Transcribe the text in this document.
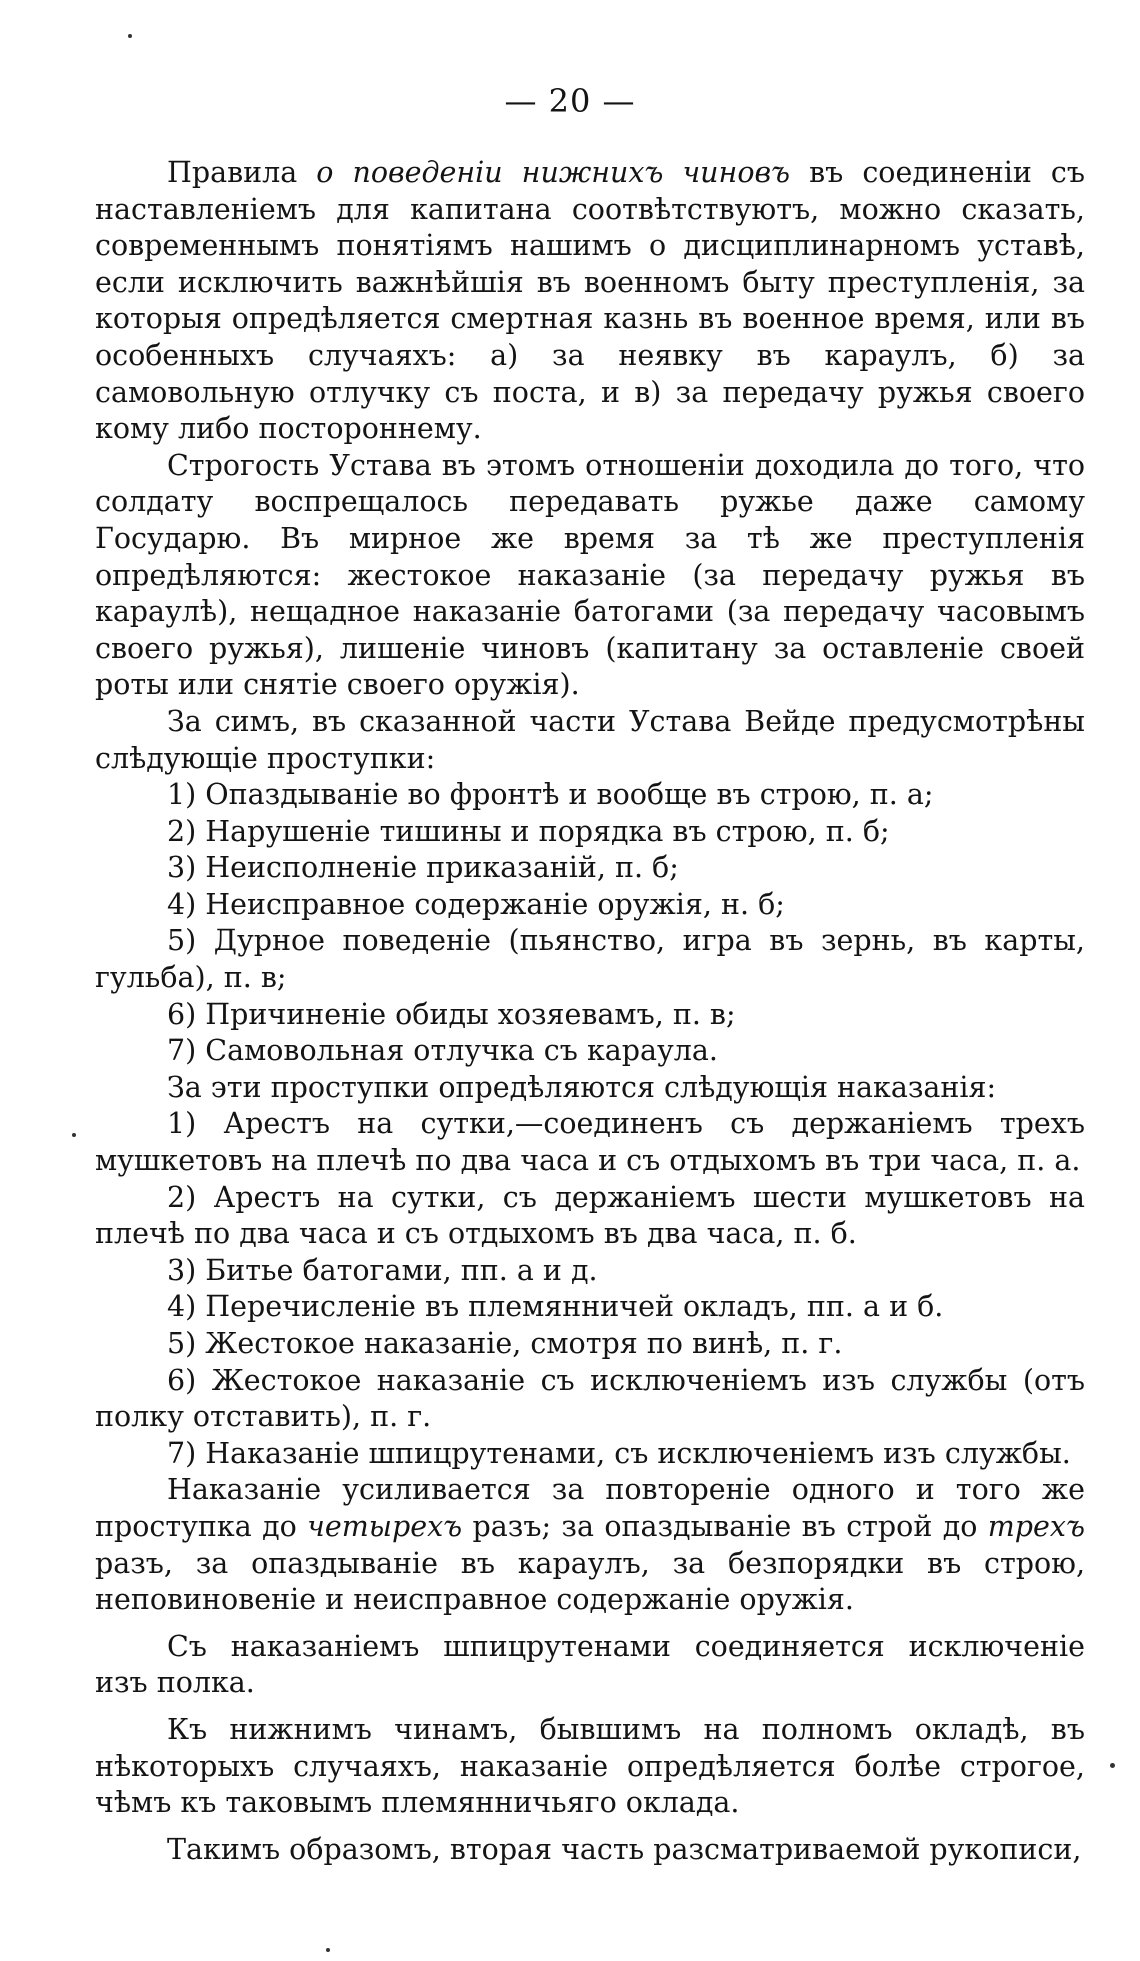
— 20 —

Правила о поведеніи нижнихъ чиновъ въ соединеніи съ наставленіемъ для капитана соотвѣтствуютъ, можно сказать, современнымъ понятіямъ нашимъ о дисциплинарномъ уставѣ, если исключить важнѣйшія въ военномъ быту преступленія, за которыя опредѣляется смертная казнь въ военное время, или въ особенныхъ случаяхъ: а) за неявку въ караулъ, б) за самовольную отлучку съ поста, и в) за передачу ружья своего кому либо постороннему.

Строгость Устава въ этомъ отношеніи доходила до того, что солдату воспрещалось передавать ружье даже самому Государю. Въ мирное же время за тѣ же преступленія опредѣляются: жестокое наказаніе (за передачу ружья въ караулѣ), нещадное наказаніе батогами (за передачу часовымъ своего ружья), лишеніе чиновъ (капитану за оставленіе своей роты или снятіе своего оружія).

За симъ, въ сказанной части Устава Вейде предусмотрѣны слѣдующіе проступки:

1) Опаздываніе во фронтѣ и вообще въ строю, п. а;

2) Нарушеніе тишины и порядка въ строю, п. б;

3) Неисполненіе приказаній, п. б;

4) Неисправное содержаніе оружія, н. б;

5) Дурное поведеніе (пьянство, игра въ зернь, въ карты, гульба), п. в;

6) Причиненіе обиды хозяевамъ, п. в;

7) Самовольная отлучка съ караула.

За эти проступки опредѣляются слѣдующія наказанія:

1) Арестъ на сутки,—соединенъ съ держаніемъ трехъ мушкетовъ на плечѣ по два часа и съ отдыхомъ въ три часа, п. а.

2) Арестъ на сутки, съ держаніемъ шести мушкетовъ на плечѣ по два часа и съ отдыхомъ въ два часа, п. б.

3) Битье батогами, пп. а и д.

4) Перечисленіе въ племянничей окладъ, пп. а и б.

5) Жестокое наказаніе, смотря по винѣ, п. г.

6) Жестокое наказаніе съ исключеніемъ изъ службы (отъ полку отставить), п. г.

7) Наказаніе шпицрутенами, съ исключеніемъ изъ службы.

Наказаніе усиливается за повтореніе одного и того же проступка до четырехъ разъ; за опаздываніе въ строй до трехъ разъ, за опаздываніе въ караулъ, за безпорядки въ строю, неповиновеніе и неисправное содержаніе оружія.

Съ наказаніемъ шпицрутенами соединяется исключеніе изъ полка.

Къ нижнимъ чинамъ, бывшимъ на полномъ окладѣ, въ нѣкоторыхъ случаяхъ, наказаніе опредѣляется болѣе строгое, чѣмъ къ таковымъ племянничьяго оклада.

Такимъ образомъ, вторая часть разсматриваемой рукописи,
